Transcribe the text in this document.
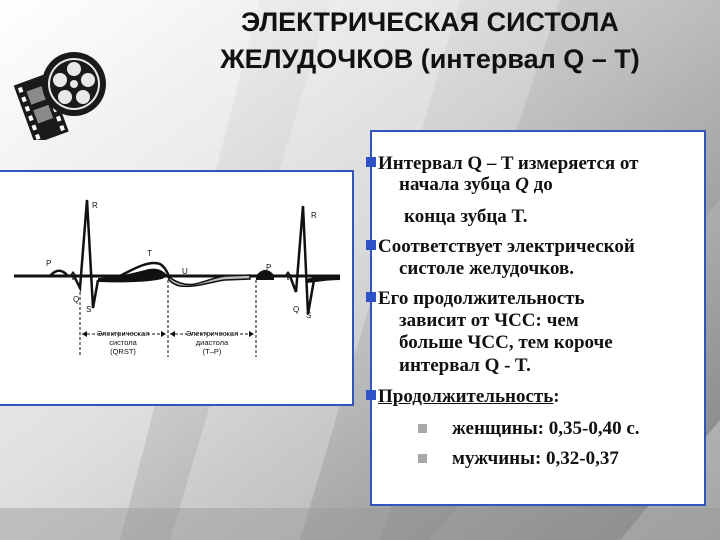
ЭЛЕКТРИЧЕСКАЯ СИСТОЛА
ЖЕЛУДОЧКОВ (интервал Q – T)
P
R
Q
S
T
U	P
R
Q
S
Электрическая
систола
(QRST)
Электрическая
диастола
(T–P)
Интервал Q – T измеряется от
начала зубца Q до
конца зубца T.
Соответствует электрической
систоле желудочков.
Его продолжительность
зависит от ЧСС: чем
больше ЧСС, тем короче
интервал Q - T.
Продолжительность:
женщины: 0,35-0,40 с.
мужчины: 0,32-0,37
